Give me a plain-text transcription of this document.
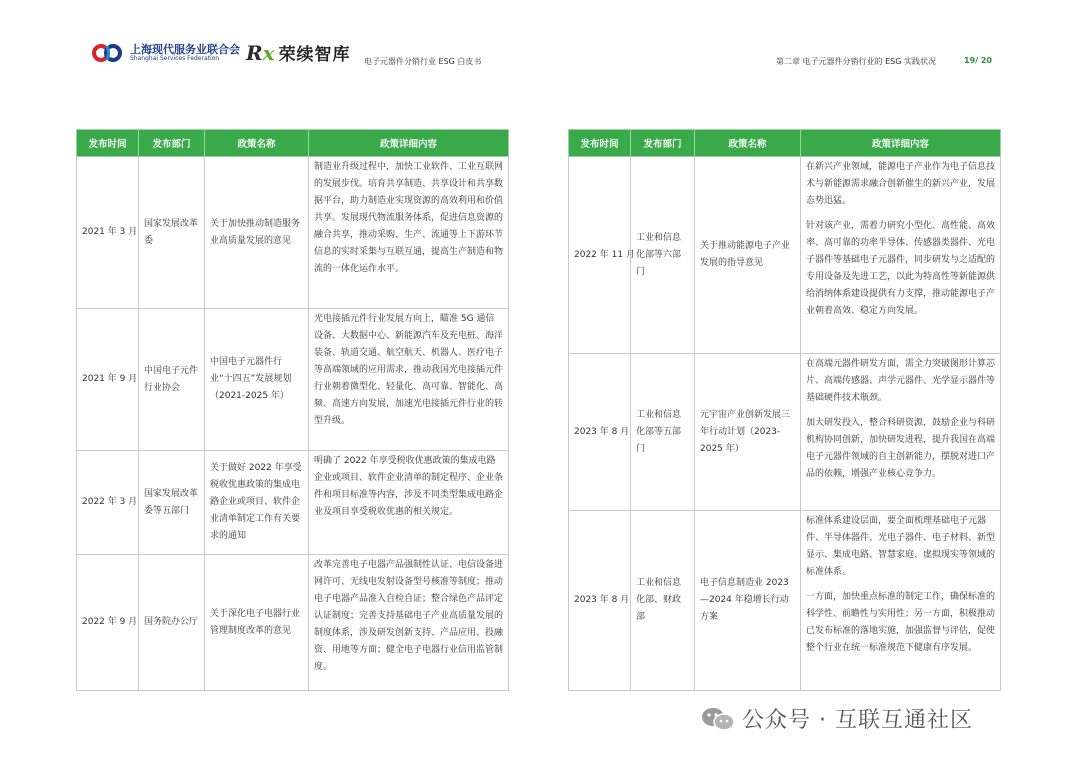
上海现代服务业联合会
Shanghai Services Federation	Rx 荣续智库 电子元器件分销行业 ESG 白皮书	第二章 电子元器件分销行业的 ESG 实践状况	19/ 20
发布时间	发布部门	政策名称	政策详细内容
2021 年 3 月	国家发展改革委	关于加快推动制造服务业高质量发展的意见	制造业升级过程中，加快工业软件、工业互联网的发展步伐。培育共享制造、共享设计和共享数据平台，助力制造业实现资源的高效利用和价值共享。发展现代物流服务体系，促进信息资源的融合共享，推动采购、生产、流通等上下游环节信息的实时采集与互联互通，提高生产制造和物流的一体化运作水平。

2021 年 9 月	中国电子元件行业协会	中国电子元器件行业“十四五”发展规划（2021-2025 年）	光电接插元件行业发展方向上，瞄准 5G 通信设备、大数据中心、新能源汽车及充电桩、海洋装备、轨道交通、航空航天、机器人、医疗电子等高端领域的应用需求，推动我国光电接插元件行业朝着微型化、轻量化、高可靠、智能化、高频、高速方向发展，加速光电接插元件行业的转型升级。

2022 年 3 月	国家发展改革委等五部门	关于做好 2022 年享受税收优惠政策的集成电路企业或项目、软件企业清单制定工作有关要求的通知	明确了 2022 年享受税收优惠政策的集成电路企业或项目、软件企业清单的制定程序、企业条件和项目标准等内容，涉及不同类型集成电路企业及项目享受税收优惠的相关规定。

2022 年 9 月	国务院办公厅	关于深化电子电器行业管理制度改革的意见	改革完善电子电器产品强制性认证、电信设备进网许可、无线电发射设备型号核准等制度；推动电子电器产品准入自检自证；整合绿色产品评定认证制度；完善支持基础电子产业高质量发展的制度体系，涉及研发创新支持、产品应用、投融资、用地等方面；健全电子电器行业信用监管制度。
发布时间	发布部门	政策名称	政策详细内容
2022 年 11 月	工业和信息化部等六部门	关于推动能源电子产业发展的指导意见	在新兴产业领域，能源电子产业作为电子信息技术与新能源需求融合创新催生的新兴产业，发展态势迅猛。
针对该产业，需着力研究小型化、高性能、高效率、高可靠的功率半导体、传感器类器件、光电子器件等基础电子元器件，同步研发与之适配的专用设备及先进工艺，以此为特高性等新能源供给消纳体系建设提供有力支撑，推动能源电子产业朝着高效、稳定方向发展。

2023 年 8 月	工业和信息化部等五部门	元宇宙产业创新发展三年行动计划（2023-2025 年）	在高端元器件研发方面，需全力突破图形计算芯片、高端传感器、声学元器件、光学显示器件等基础硬件技术瓶颈。
加大研发投入，整合科研资源，鼓励企业与科研机构协同创新，加快研发进程，提升我国在高端电子元器件领域的自主创新能力，摆脱对进口产品的依赖，增强产业核心竞争力。

2023 年 8 月	工业和信息化部、财政部	电子信息制造业 2023—2024 年稳增长行动方案	标准体系建设层面，要全面梳理基础电子元器件、半导体器件、光电子器件、电子材料、新型显示、集成电路、智慧家庭、虚拟现实等领域的标准体系。
一方面，加快重点标准的制定工作，确保标准的科学性、前瞻性与实用性；另一方面，积极推动已发布标准的落地实施，加强监督与评估，促使整个行业在统一标准规范下健康有序发展。
公众号 · 互联互通社区
